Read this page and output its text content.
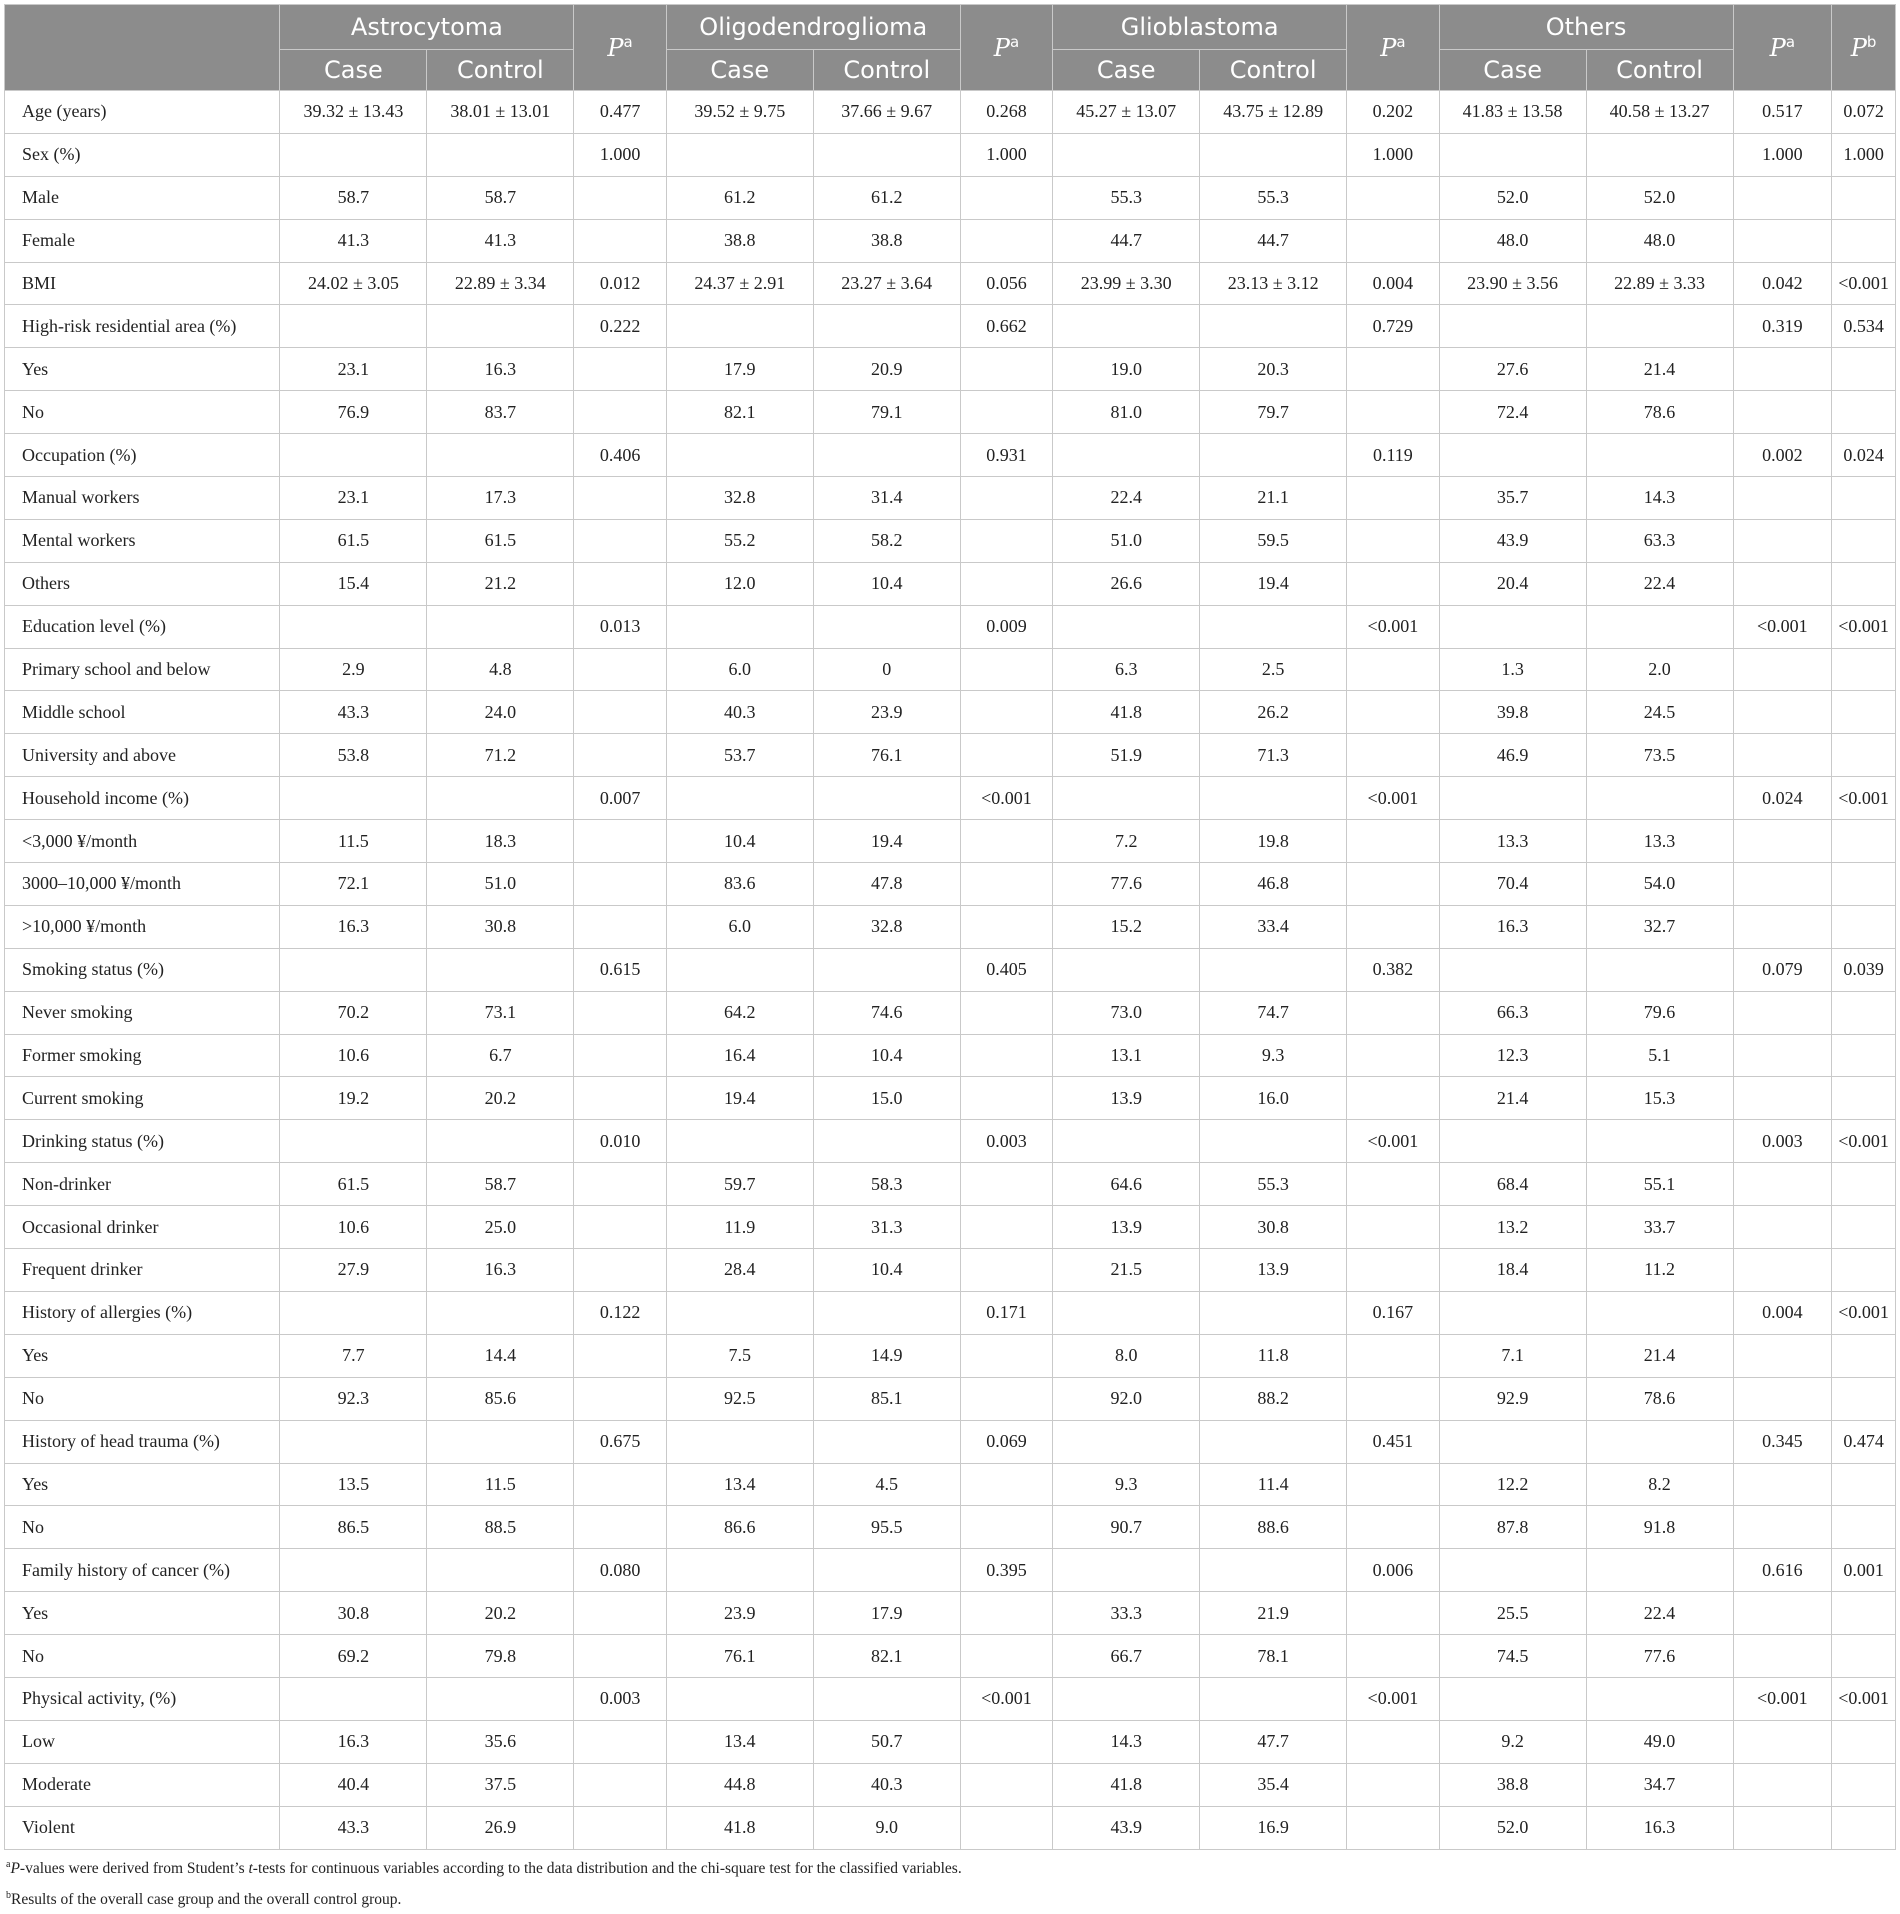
	Astrocytoma		$P^a$	Oligodendroglioma		$P^a$	Glioblastoma		$P^a$	Others		$P^a$	$P^b$
	Case	Control		Case	Control		Case	Control		Case	Control		
Age (years)	39.32 ± 13.43	38.01 ± 13.01	0.477	39.52 ± 9.75	37.66 ± 9.67	0.268	45.27 ± 13.07	43.75 ± 12.89	0.202	41.83 ± 13.58	40.58 ± 13.27	0.517	0.072
Sex (%)			1.000			1.000			1.000			1.000	1.000
Male	58.7	58.7		61.2	61.2		55.3	55.3		52.0	52.0		
Female	41.3	41.3		38.8	38.8		44.7	44.7		48.0	48.0		
BMI	24.02 ± 3.05	22.89 ± 3.34	0.012	24.37 ± 2.91	23.27 ± 3.64	0.056	23.99 ± 3.30	23.13 ± 3.12	0.004	23.90 ± 3.56	22.89 ± 3.33	0.042	<0.001
High-risk residential area (%)			0.222			0.662			0.729			0.319	0.534
Yes	23.1	16.3		17.9	20.9		19.0	20.3		27.6	21.4		
No	76.9	83.7		82.1	79.1		81.0	79.7		72.4	78.6		
Occupation (%)			0.406			0.931			0.119			0.002	0.024
Manual workers	23.1	17.3		32.8	31.4		22.4	21.1		35.7	14.3		
Mental workers	61.5	61.5		55.2	58.2		51.0	59.5		43.9	63.3		
Others	15.4	21.2		12.0	10.4		26.6	19.4		20.4	22.4		
Education level (%)			0.013			0.009			<0.001			<0.001	<0.001
Primary school and below	2.9	4.8		6.0	0		6.3	2.5		1.3	2.0		
Middle school	43.3	24.0		40.3	23.9		41.8	26.2		39.8	24.5		
University and above	53.8	71.2		53.7	76.1		51.9	71.3		46.9	73.5		
Household income (%)			0.007			<0.001			<0.001			0.024	<0.001
<3,000 ¥/month	11.5	18.3		10.4	19.4		7.2	19.8		13.3	13.3		
3000–10,000 ¥/month	72.1	51.0		83.6	47.8		77.6	46.8		70.4	54.0		
>10,000 ¥/month	16.3	30.8		6.0	32.8		15.2	33.4		16.3	32.7		
Smoking status (%)			0.615			0.405			0.382			0.079	0.039
Never smoking	70.2	73.1		64.2	74.6		73.0	74.7		66.3	79.6		
Former smoking	10.6	6.7		16.4	10.4		13.1	9.3		12.3	5.1		
Current smoking	19.2	20.2		19.4	15.0		13.9	16.0		21.4	15.3		
Drinking status (%)			0.010			0.003			<0.001			0.003	<0.001
Non-drinker	61.5	58.7		59.7	58.3		64.6	55.3		68.4	55.1		
Occasional drinker	10.6	25.0		11.9	31.3		13.9	30.8		13.2	33.7		
Frequent drinker	27.9	16.3		28.4	10.4		21.5	13.9		18.4	11.2		
History of allergies (%)			0.122			0.171			0.167			0.004	<0.001
Yes	7.7	14.4		7.5	14.9		8.0	11.8		7.1	21.4		
No	92.3	85.6		92.5	85.1		92.0	88.2		92.9	78.6		
History of head trauma (%)			0.675			0.069			0.451			0.345	0.474
Yes	13.5	11.5		13.4	4.5		9.3	11.4		12.2	8.2		
No	86.5	88.5		86.6	95.5		90.7	88.6		87.8	91.8		
Family history of cancer (%)			0.080			0.395			0.006			0.616	0.001
Yes	30.8	20.2		23.9	17.9		33.3	21.9		25.5	22.4		
No	69.2	79.8		76.1	82.1		66.7	78.1		74.5	77.6		
Physical activity, (%)			0.003			<0.001			<0.001			<0.001	<0.001
Low	16.3	35.6		13.4	50.7		14.3	47.7		9.2	49.0		
Moderate	40.4	37.5		44.8	40.3		41.8	35.4		38.8	34.7		
Violent	43.3	26.9		41.8	9.0		43.9	16.9		52.0	16.3		
$^a$P-values were derived from Student’s t-tests for continuous variables according to the data distribution and the chi-square test for the classified variables.
$^b$Results of the overall case group and the overall control group.
